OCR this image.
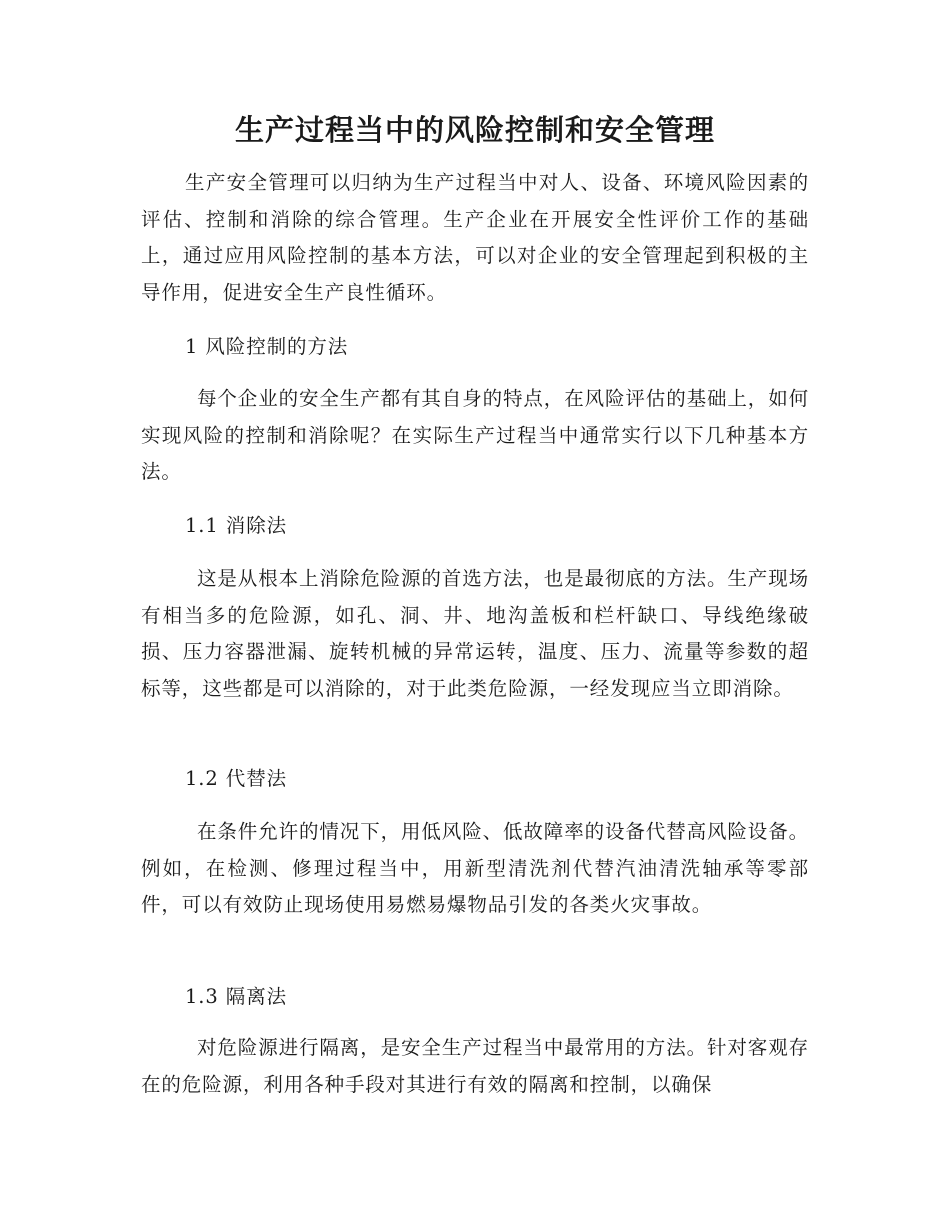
生产过程当中的风险控制和安全管理

生产安全管理可以归纳为生产过程当中对人、设备、环境风险因素的评估、控制和消除的综合管理。生产企业在开展安全性评价工作的基础上，通过应用风险控制的基本方法，可以对企业的安全管理起到积极的主导作用，促进安全生产良性循环。

1 风险控制的方法

每个企业的安全生产都有其自身的特点，在风险评估的基础上，如何实现风险的控制和消除呢？在实际生产过程当中通常实行以下几种基本方法。

1.1 消除法

这是从根本上消除危险源的首选方法，也是最彻底的方法。生产现场有相当多的危险源，如孔、洞、井、地沟盖板和栏杆缺口、导线绝缘破损、压力容器泄漏、旋转机械的异常运转，温度、压力、流量等参数的超标等，这些都是可以消除的，对于此类危险源，一经发现应当立即消除。

1.2 代替法

在条件允许的情况下，用低风险、低故障率的设备代替高风险设备。例如，在检测、修理过程当中，用新型清洗剂代替汽油清洗轴承等零部件，可以有效防止现场使用易燃易爆物品引发的各类火灾事故。

1.3 隔离法

对危险源进行隔离，是安全生产过程当中最常用的方法。针对客观存在的危险源，利用各种手段对其进行有效的隔离和控制，以确保
